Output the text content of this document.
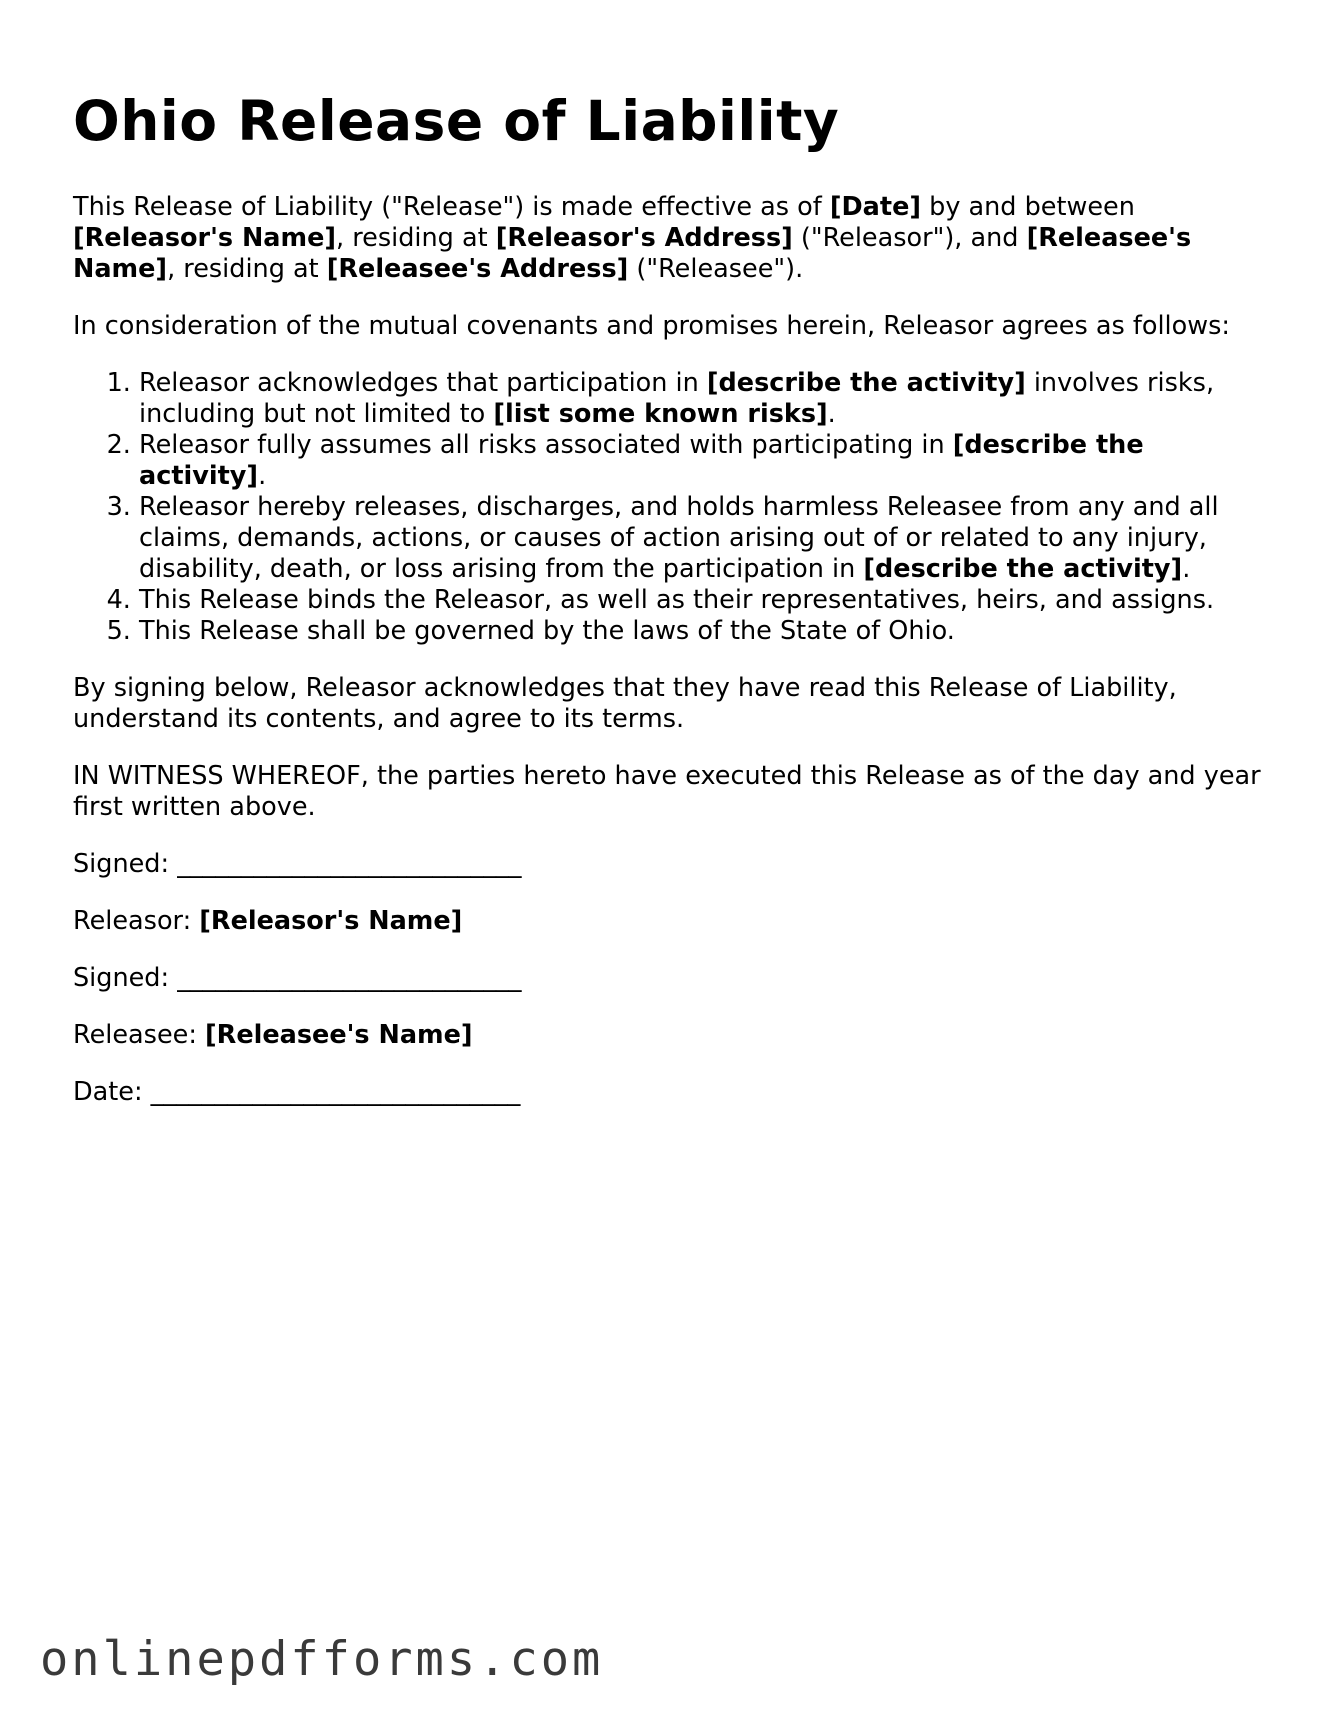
Ohio Release of Liability

This Release of Liability ("Release") is made effective as of [Date] by and between [Releasor's Name], residing at [Releasor's Address] ("Releasor"), and [Releasee's Name], residing at [Releasee's Address] ("Releasee").

In consideration of the mutual covenants and promises herein, Releasor agrees as follows:

1. Releasor acknowledges that participation in [describe the activity] involves risks, including but not limited to [list some known risks].
2. Releasor fully assumes all risks associated with participating in [describe the activity].
3. Releasor hereby releases, discharges, and holds harmless Releasee from any and all claims, demands, actions, or causes of action arising out of or related to any injury, disability, death, or loss arising from the participation in [describe the activity].
4. This Release binds the Releasor, as well as their representatives, heirs, and assigns.
5. This Release shall be governed by the laws of the State of Ohio.

By signing below, Releasor acknowledges that they have read this Release of Liability, understand its contents, and agree to its terms.

IN WITNESS WHEREOF, the parties hereto have executed this Release as of the day and year first written above.

Signed: ___________________________
Releasor: [Releasor's Name]
Signed: ___________________________
Releasee: [Releasee's Name]
Date: _____________________________
onlinepdfforms.com
